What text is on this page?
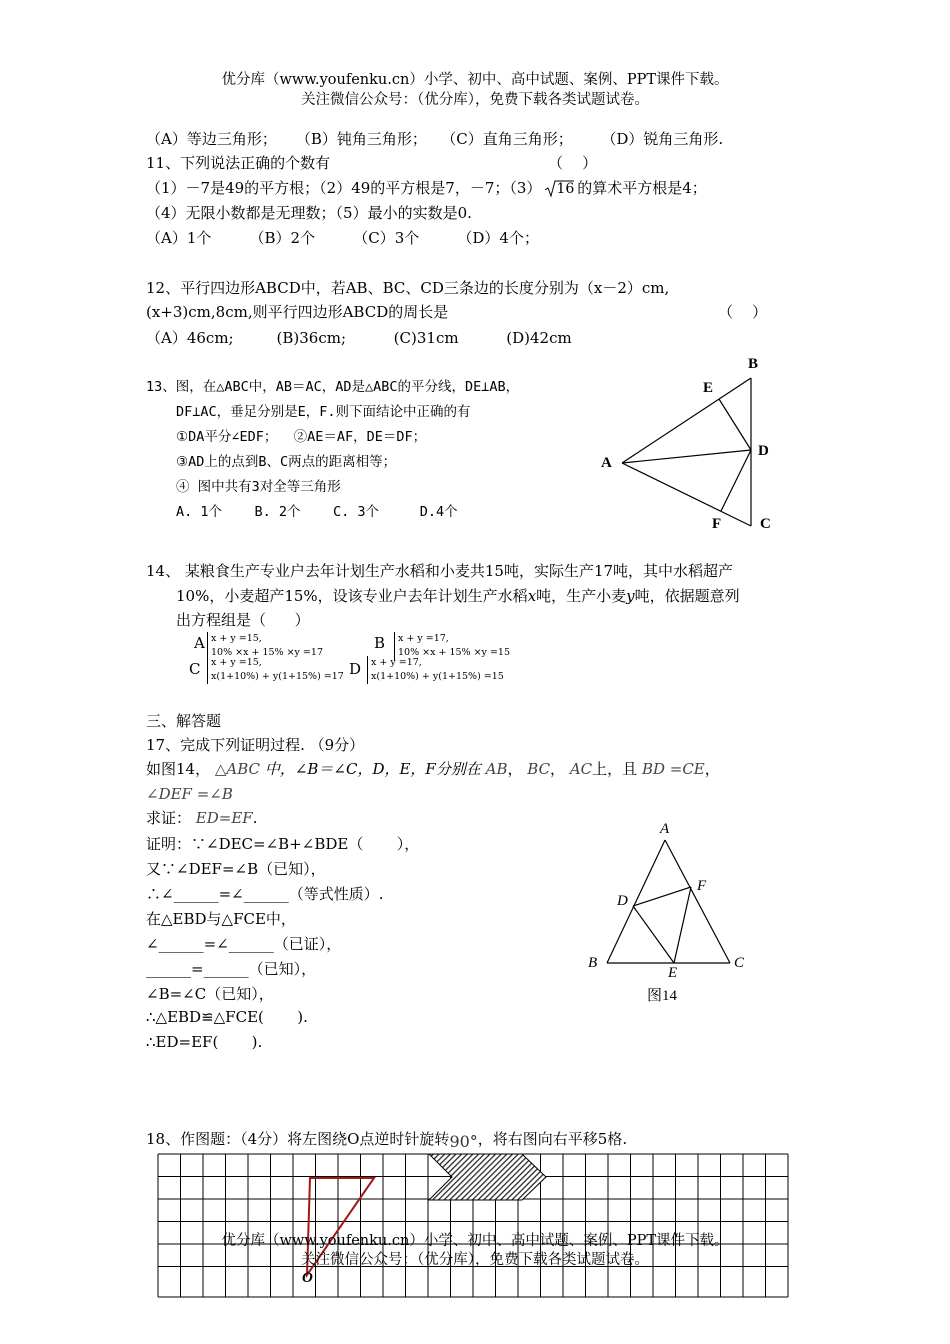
优分库（www.youfenku.cn）小学、初中、高中试题、案例、PPT课件下载。
关注微信公众号：（优分库），免费下载各类试题试卷。
（A）等边三角形；    （B）钝角三角形；   （C）直角三角形；      （D）锐角三角形.
11、下列说法正确的个数有	（    ）
（1）－7是49的平方根；（2）49的平方根是7，－7；（3） 16 的算术平方根是4；
（4）无限小数都是无理数；（5）最小的实数是0.
（A）1个        （B）2个        （C）3个        （D）4个；
12、平行四边形ABCD中，若AB、BC、CD三条边的长度分别为（x－2）cm,
(x+3)cm,8cm,则平行四边形ABCD的周长是	（    ）
（A）46cm;         (B)36cm;          (C)31cm          (D)42cm
13、图，在△ABC中，AB＝AC，AD是△ABC的平分线，DE⊥AB，
DF⊥AC，垂足分别是E，F.则下面结论中正确的有
①DA平分∠EDF；  ②AE＝AF，DE＝DF；
③AD上的点到B、C两点的距离相等；
④ 图中共有3对全等三角形
A. 1个    B. 2个    C. 3个     D.4个
B
E
D
A
F	C
14、 某粮食生产专业户去年计划生产水稻和小麦共15吨，实际生产17吨，其中水稻超产
10%，小麦超产15%，设该专业户去年计划生产水稻x吨，生产小麦y吨，依据题意列
出方程组是（      ）
A x + y =15,
10% ×x + 15% ×y =17
B x + y =17,
10% ×x + 15% ×y =15
C x + y =15,
x(1+10%) + y(1+15%) =17 D x + y =17,
x(1+10%) + y(1+15%) =15
三、解答题
17、完成下列证明过程. （9分）
如图14， △ABC 中，∠B＝∠C，D，E，F分别在 AB， BC， AC上，且 BD =CE，
∠DEF =∠B
求证： ED=EF.
证明：∵∠DEC=∠B+∠BDE（       ），
又∵∠DEF=∠B（已知），
∴∠______=∠______（等式性质）.
在△EBD与△FCE中，
∠______=∠______（已证），
______=______（已知），
∠B=∠C（已知），
∴△EBD≌△FCE(       ).
∴ED=EF(       ).
A
F
D
B
E
C
图14
18、作图题：（4分）将左图绕O点逆时针旋转90°，将右图向右平移5格.
O
优分库（www.youfenku.cn）小学、初中、高中试题、案例、PPT课件下载。
关注微信公众号：（优分库），免费下载各类试题试卷。
